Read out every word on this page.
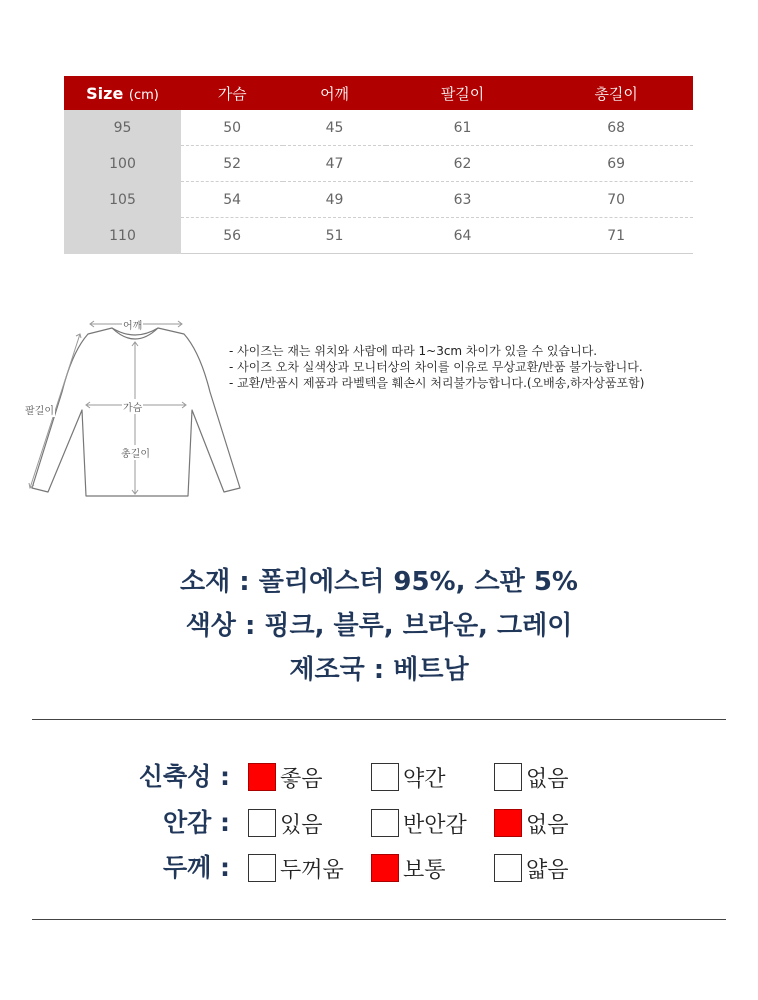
Size (cm)	가슴	어깨	팔길이	총길이
95	50	45	61	68
100	52	47	62	69
105	54	49	63	70
110	56	51	64	71
어깨
가슴
총길이
팔길이
- 사이즈는 재는 위치와 사람에 따라 1~3cm 차이가 있을 수 있습니다.
- 사이즈 오차 실색상과 모니터상의 차이를 이유로 무상교환/반품 불가능합니다.
- 교환/반품시 제품과 라벨텍을 훼손시 처리불가능합니다.(오배송,하자상품포함)
소재 : 폴리에스터 95%, 스판 5%
색상 : 핑크, 블루, 브라운, 그레이
제조국 : 베트남
신축성 : 좋음	약간	없음
안감 : 있음	반안감	없음
두께 : 두꺼움	보통	얇음
